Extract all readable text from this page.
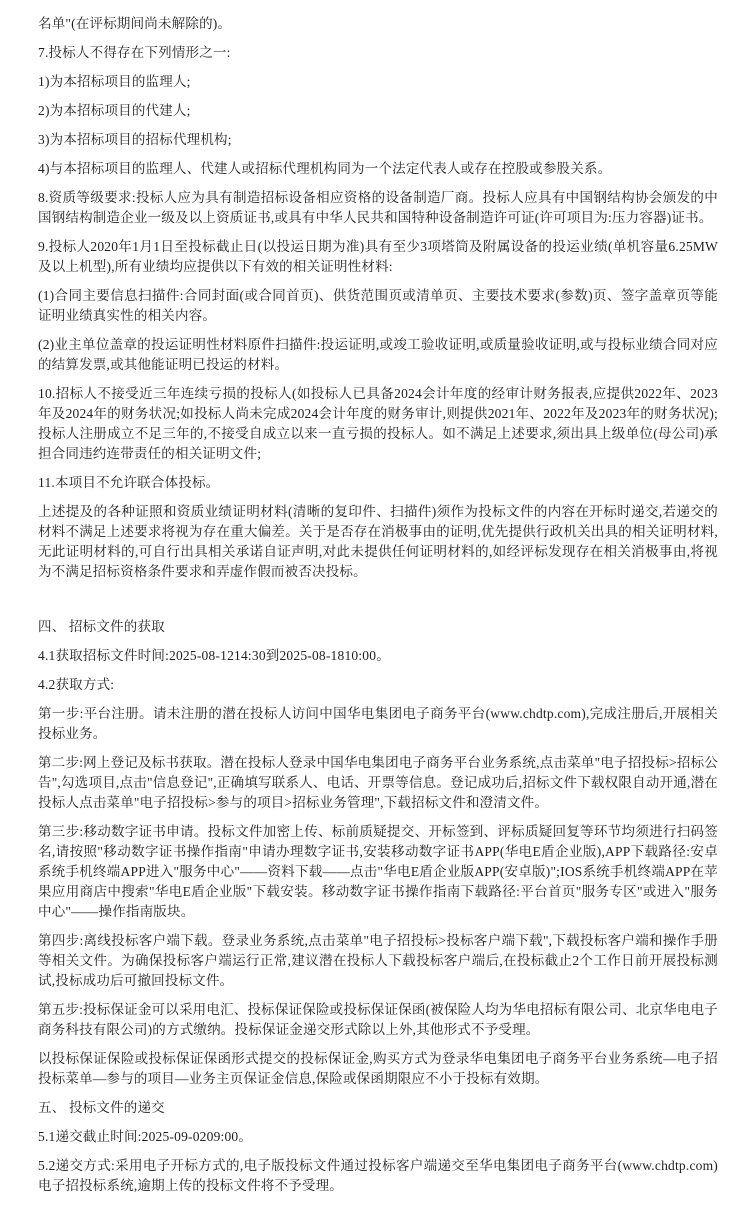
名单"(在评标期间尚未解除的)。

7.投标人不得存在下列情形之一:

1)为本招标项目的监理人;

2)为本招标项目的代建人;

3)为本招标项目的招标代理机构;

4)与本招标项目的监理人、代建人或招标代理机构同为一个法定代表人或存在控股或参股关系。

8.资质等级要求:投标人应为具有制造招标设备相应资格的设备制造厂商。投标人应具有中国钢结构协会颁发的中国钢结构制造企业一级及以上资质证书,或具有中华人民共和国特种设备制造许可证(许可项目为:压力容器)证书。

9.投标人2020年1月1日至投标截止日(以投运日期为准)具有至少3项塔筒及附属设备的投运业绩(单机容量6.25MW及以上机型),所有业绩均应提供以下有效的相关证明性材料:

(1)合同主要信息扫描件:合同封面(或合同首页)、供货范围页或清单页、主要技术要求(参数)页、签字盖章页等能证明业绩真实性的相关内容。

(2)业主单位盖章的投运证明性材料原件扫描件:投运证明,或竣工验收证明,或质量验收证明,或与投标业绩合同对应的结算发票,或其他能证明已投运的材料。

10.招标人不接受近三年连续亏损的投标人(如投标人已具备2024会计年度的经审计财务报表,应提供2022年、2023年及2024年的财务状况;如投标人尚未完成2024会计年度的财务审计,则提供2021年、2022年及2023年的财务状况);投标人注册成立不足三年的,不接受自成立以来一直亏损的投标人。如不满足上述要求,须出具上级单位(母公司)承担合同违约连带责任的相关证明文件;

11.本项目不允许联合体投标。

上述提及的各种证照和资质业绩证明材料(清晰的复印件、扫描件)须作为投标文件的内容在开标时递交,若递交的材料不满足上述要求将视为存在重大偏差。关于是否存在消极事由的证明,优先提供行政机关出具的相关证明材料,无此证明材料的,可自行出具相关承诺自证声明,对此未提供任何证明材料的,如经评标发现存在相关消极事由,将视为不满足招标资格条件要求和弄虚作假而被否决投标。

四、 招标文件的获取

4.1获取招标文件时间:2025-08-1214:30到2025-08-1810:00。

4.2获取方式:

第一步:平台注册。请未注册的潜在投标人访问中国华电集团电子商务平台(www.chdtp.com),完成注册后,开展相关投标业务。

第二步:网上登记及标书获取。潜在投标人登录中国华电集团电子商务平台业务系统,点击菜单"电子招投标>招标公告",勾选项目,点击"信息登记",正确填写联系人、电话、开票等信息。登记成功后,招标文件下载权限自动开通,潜在投标人点击菜单"电子招投标>参与的项目>招标业务管理",下载招标文件和澄清文件。

第三步:移动数字证书申请。投标文件加密上传、标前质疑提交、开标签到、评标质疑回复等环节均须进行扫码签名,请按照"移动数字证书操作指南"申请办理数字证书,安装移动数字证书APP(华电E盾企业版),APP下载路径:安卓系统手机终端APP进入"服务中心"——资料下载——点击"华电E盾企业版APP(安卓版)";IOS系统手机终端APP在苹果应用商店中搜索"华电E盾企业版"下载安装。移动数字证书操作指南下载路径:平台首页"服务专区"或进入"服务中心"——操作指南版块。

第四步:离线投标客户端下载。登录业务系统,点击菜单"电子招投标>投标客户端下载",下载投标客户端和操作手册等相关文件。为确保投标客户端运行正常,建议潜在投标人下载投标客户端后,在投标截止2个工作日前开展投标测试,投标成功后可撤回投标文件。

第五步:投标保证金可以采用电汇、投标保证保险或投标保证保函(被保险人均为华电招标有限公司、北京华电电子商务科技有限公司)的方式缴纳。投标保证金递交形式除以上外,其他形式不予受理。

以投标保证保险或投标保证保函形式提交的投标保证金,购买方式为登录华电集团电子商务平台业务系统—电子招投标菜单—参与的项目—业务主页保证金信息,保险或保函期限应不小于投标有效期。

五、 投标文件的递交

5.1递交截止时间:2025-09-0209:00。

5.2递交方式:采用电子开标方式的,电子版投标文件通过投标客户端递交至华电集团电子商务平台(www.chdtp.com)电子招投标系统,逾期上传的投标文件将不予受理。
